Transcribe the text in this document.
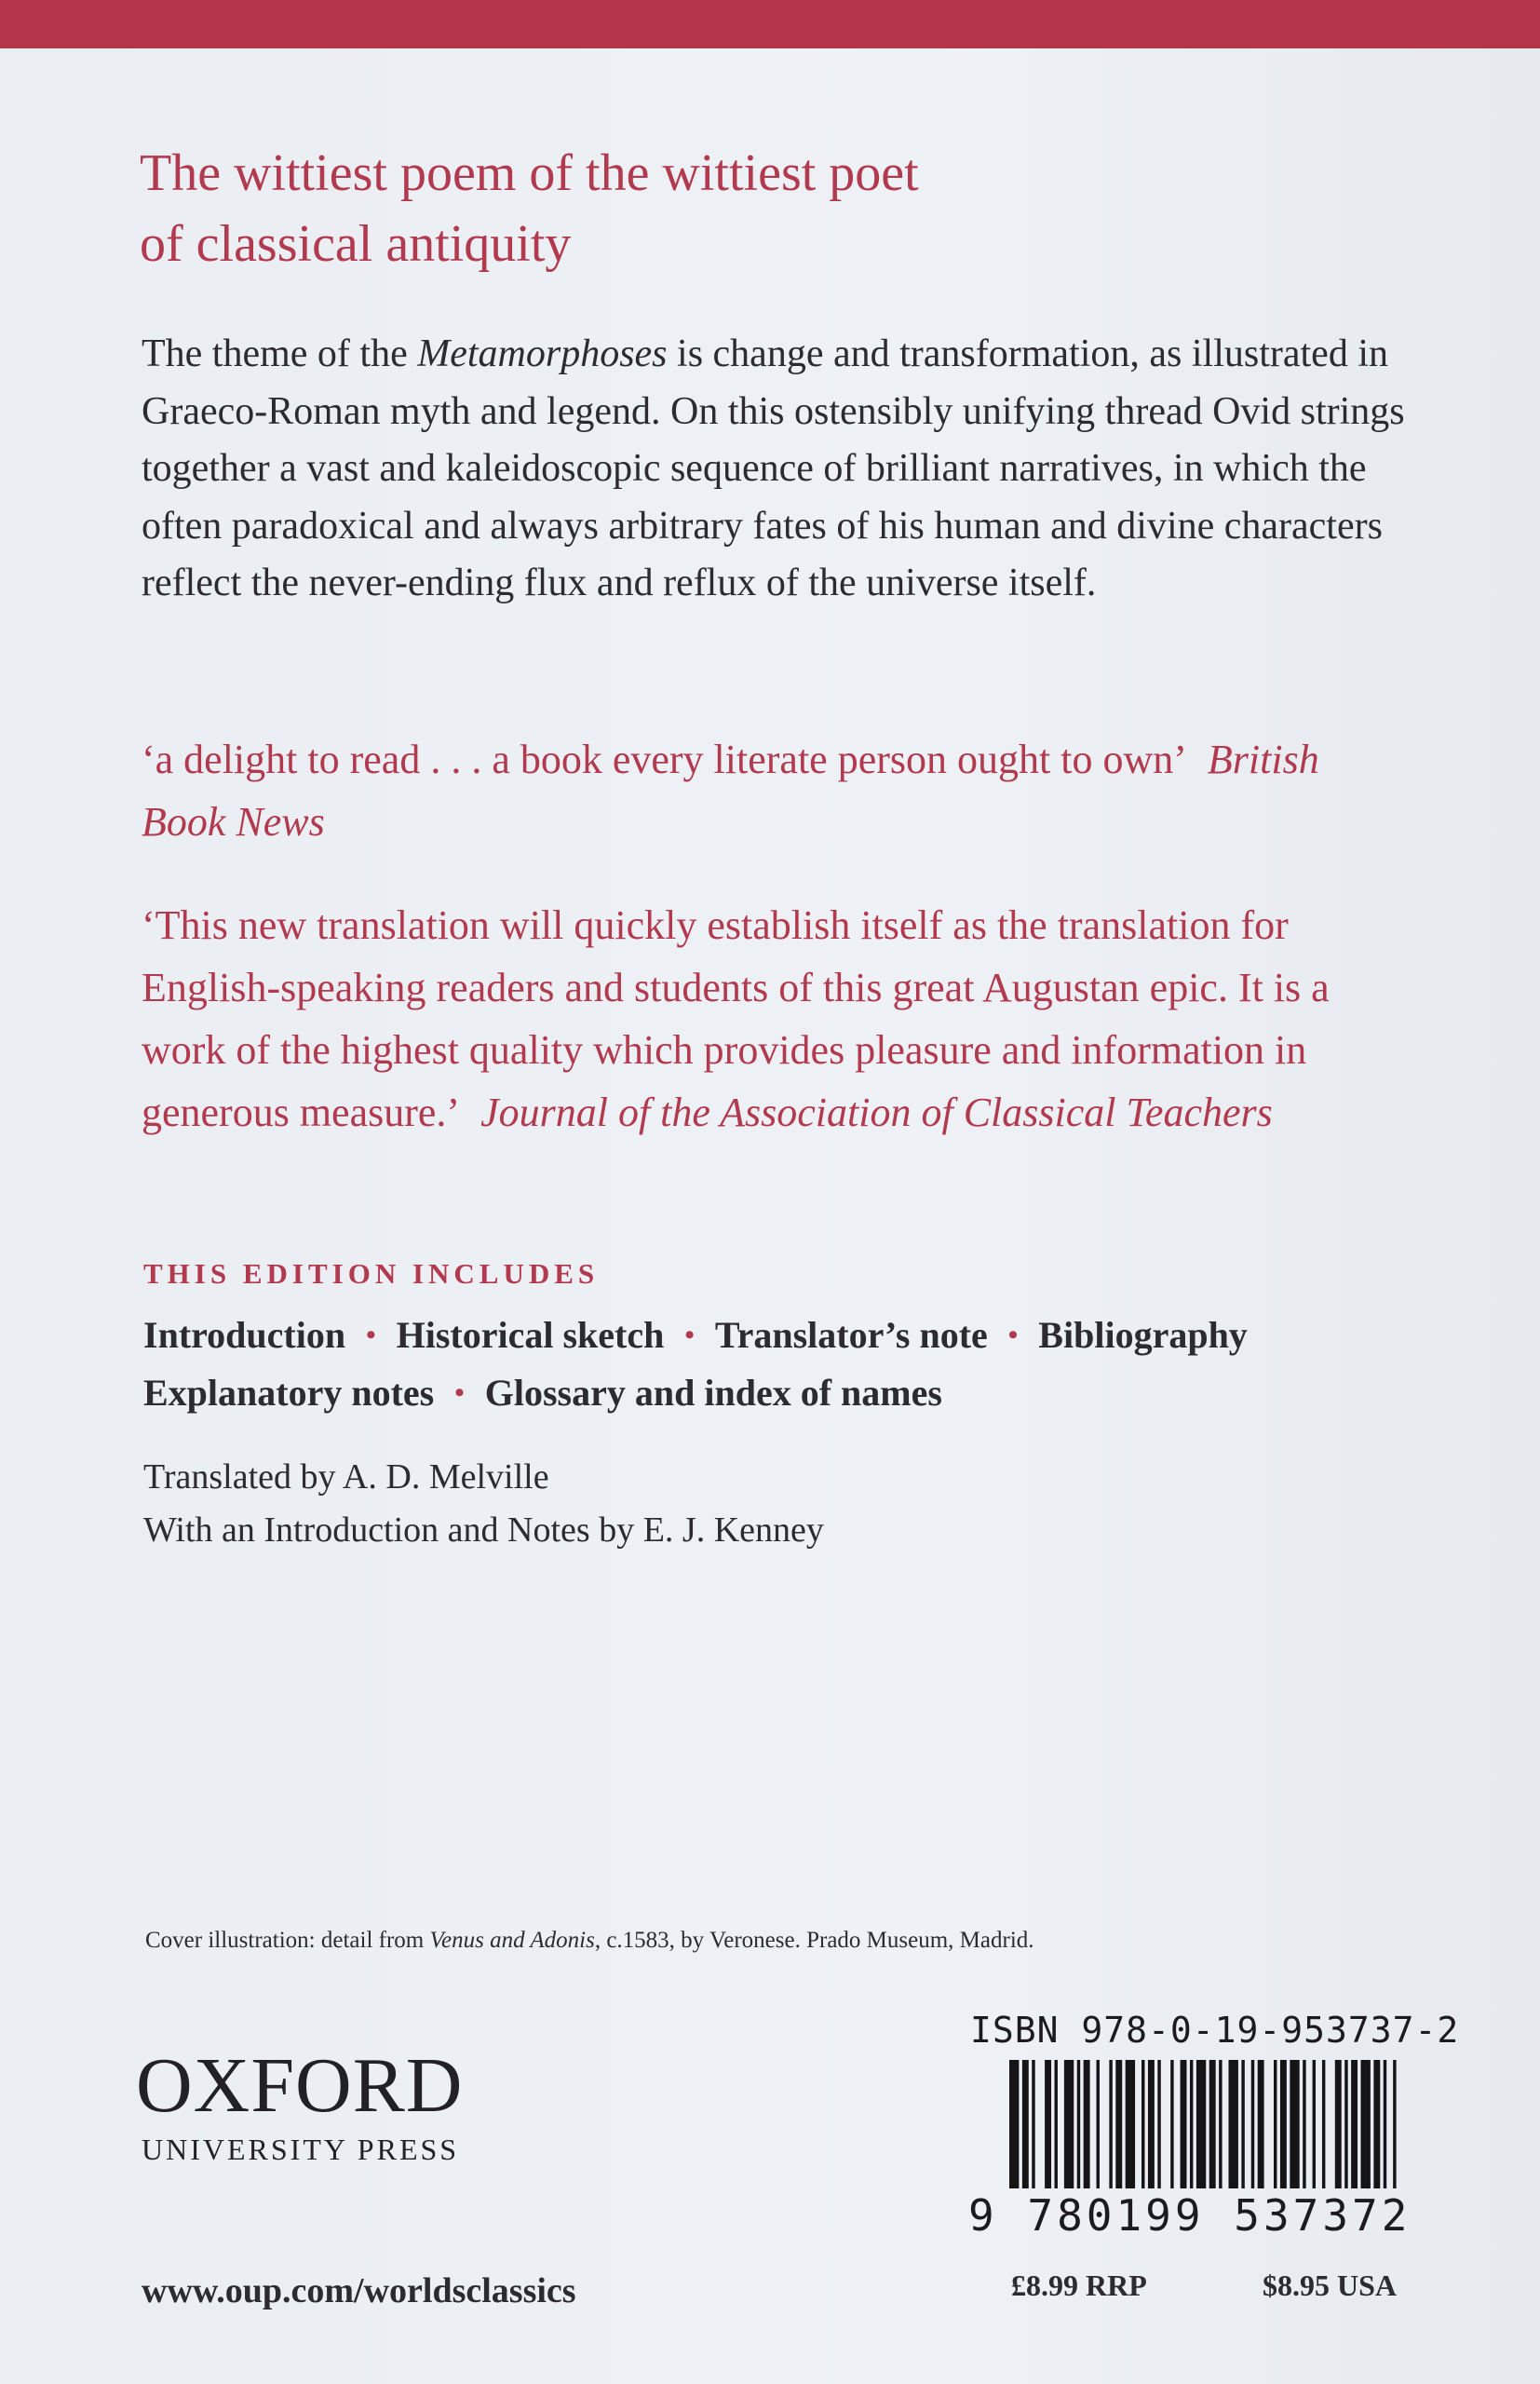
The wittiest poem of the wittiest poet
of classical antiquity

The theme of the Metamorphoses is change and transformation, as illustrated in Graeco-Roman myth and legend. On this ostensibly unifying thread Ovid strings together a vast and kaleidoscopic sequence of brilliant narratives, in which the often paradoxical and always arbitrary fates of his human and divine characters reflect the never-ending flux and reflux of the universe itself.

‘a delight to read . . . a book every literate person ought to own’ British Book News

‘This new translation will quickly establish itself as the translation for English-speaking readers and students of this great Augustan epic. It is a work of the highest quality which provides pleasure and information in generous measure.’ Journal of the Association of Classical Teachers

THIS EDITION INCLUDES
Introduction • Historical sketch • Translator’s note • Bibliography
Explanatory notes • Glossary and index of names
Translated by A. D. Melville
With an Introduction and Notes by E. J. Kenney
Cover illustration: detail from Venus and Adonis, c.1583, by Veronese. Prado Museum, Madrid.
OXFORD
UNIVERSITY PRESS
www.oup.com/worldsclassics
ISBN 978-0-19-953737-2
9 780199 537372
£8.99 RRP	$8.95 USA
